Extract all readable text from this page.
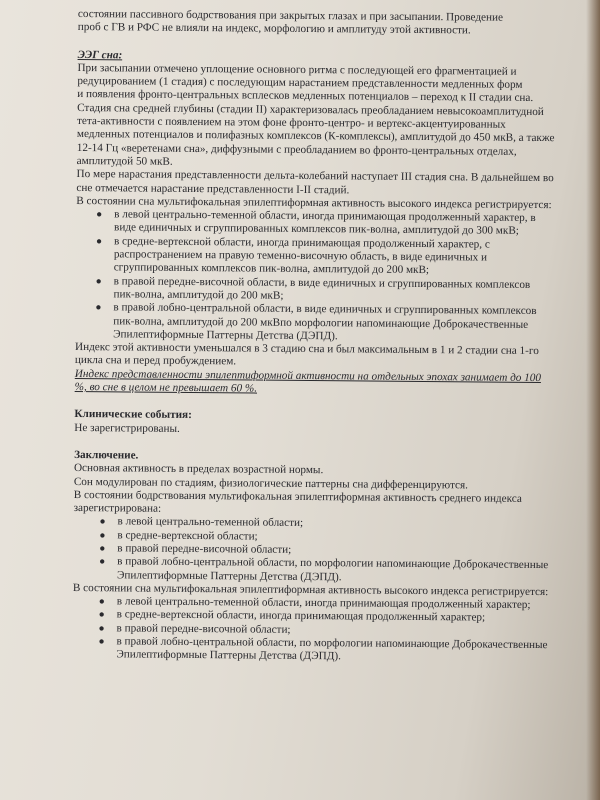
состоянии пассивного бодрствования при закрытых глазах и при засыпании. Проведение

проб с ГВ и РФС не влияли на индекс, морфологию и амплитуду этой активности.

ЭЭГ сна:

При засыпании отмечено уплощение основного ритма с последующей его фрагментацией и редуцированием (1 стадия) с последующим нарастанием представленности медленных форм

и появления фронто-центральных всплесков медленных потенциалов – переход к II стадии сна.

Стадия сна средней глубины (стадии II) характеризовалась преобладанием невысокоамплитудной тета-активности с появлением на этом фоне фронто-центро- и вертекс-акцентуированных медленных потенциалов и полифазных комплексов (К-комплексы), амплитудой до 450 мкВ, а также 12-14 Гц «веретенами сна», диффузными с преобладанием во фронто-центральных отделах, амплитудой 50 мкВ.

По мере нарастания представленности дельта-колебаний наступает III стадия сна. В дальнейшем во сне отмечается нарастание представленности I-II стадий.

В состоянии сна мультифокальная эпилептиформная активность высокого индекса регистрируется:

● в левой центрально-теменной области, иногда принимающая продолженный характер, в виде единичных и сгруппированных комплексов пик-волна, амплитудой до 300 мкВ;
● в средне-вертексной области, иногда принимающая продолженный характер, с распространением на правую теменно-височную область, в виде единичных и сгруппированных комплексов пик-волна, амплитудой до 200 мкВ;
● в правой передне-височной области, в виде единичных и сгруппированных комплексов пик-волна, амплитудой до 200 мкВ;
● в правой лобно-центральной области, в виде единичных и сгруппированных комплексов пик-волна, амплитудой до 200 мкВпо морфологии напоминающие Доброкачественные Эпилептиформные Паттерны Детства (ДЭПД).

Индекс этой активности уменьшался в 3 стадию сна и был максимальным в 1 и 2 стадии сна 1-го цикла сна и перед пробуждением.

Индекс представленности эпилептиформной активности на отдельных эпохах занимает до 100 %, во сне в целом не превышает 60 %.

Клинические события:

Не зарегистрированы.

Заключение.

Основная активность в пределах возрастной нормы.

Сон модулирован по стадиям, физиологические паттерны сна дифференцируются.

В состоянии бодрствования мультифокальная эпилептиформная активность среднего индекса зарегистрирована:

● в левой центрально-теменной области;
● в средне-вертексной области;
● в правой передне-височной области;
● в правой лобно-центральной области, по морфологии напоминающие Доброкачественные Эпилептиформные Паттерны Детства (ДЭПД).

В состоянии сна мультифокальная эпилептиформная активность высокого индекса регистрируется:

● в левой центрально-теменной области, иногда принимающая продолженный характер;
● в средне-вертексной области, иногда принимающая продолженный характер;
● в правой передне-височной области;
● в правой лобно-центральной области, по морфологии напоминающие Доброкачественные Эпилептиформные Паттерны Детства (ДЭПД).
